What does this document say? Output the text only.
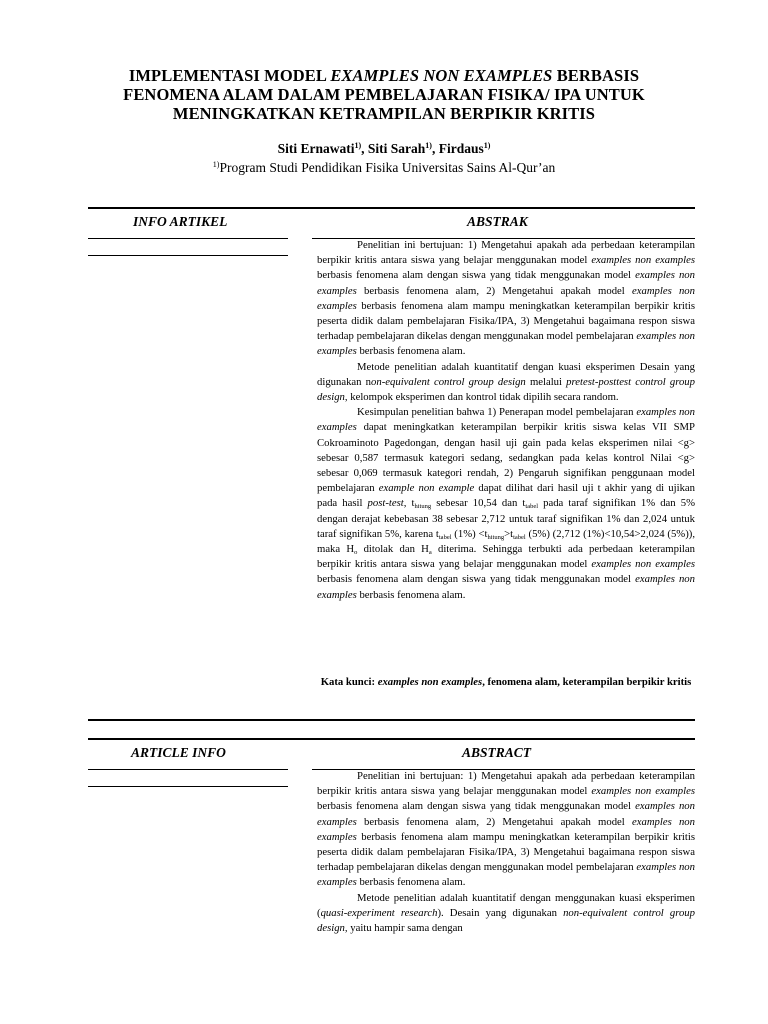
IMPLEMENTASI MODEL EXAMPLES NON EXAMPLES BERBASIS
FENOMENA ALAM DALAM PEMBELAJARAN FISIKA/ IPA UNTUK
MENINGKATKAN KETRAMPILAN BERPIKIR KRITIS
Siti Ernawati$^{1)}$, Siti Sarah$^{1)}$, Firdaus$^{1)}$
$^{1)}$Program Studi Pendidikan Fisika Universitas Sains Al-Qur’an
INFO ARTIKEL	ABSTRAK

Penelitian ini bertujuan: 1) Mengetahui apakah ada perbedaan keterampilan berpikir kritis antara siswa yang belajar menggunakan model examples non examples berbasis fenomena alam dengan siswa yang tidak menggunakan model examples non examples berbasis fenomena alam, 2) Mengetahui apakah model examples non examples berbasis fenomena alam mampu meningkatkan keterampilan berpikir kritis peserta didik dalam pembelajaran Fisika/IPA, 3) Mengetahui bagaimana respon siswa terhadap pembelajaran dikelas dengan menggunakan model pembelajaran examples non examples berbasis fenomena alam.

Metode penelitian adalah kuantitatif dengan kuasi eksperimen Desain yang digunakan non-equivalent control group design melalui pretest-posttest control group design, kelompok eksperimen dan kontrol tidak dipilih secara random.

Kesimpulan penelitian bahwa 1) Penerapan model pembelajaran examples non examples dapat meningkatkan keterampilan berpikir kritis siswa kelas VII SMP Cokroaminoto Pagedongan, dengan hasil uji gain pada kelas eksperimen nilai <g> sebesar 0,587 termasuk kategori sedang, sedangkan pada kelas kontrol Nilai <g> sebesar 0,069 termasuk kategori rendah, 2) Pengaruh signifikan penggunaan model pembelajaran example non example dapat dilihat dari hasil uji t akhir yang di ujikan pada hasil post-test, $t_{hitung}$ sebesar 10,54 dan $t_{tabel}$ pada taraf signifikan 1% dan 5% dengan derajat kebebasan 38 sebesar 2,712 untuk taraf signifikan 1% dan 2,024 untuk taraf signifikan 5%, karena $t_{tabel}$ $(1\%) <t_{hitung}>t_{tabel}$ (5%) (2,712 (1%)<10,54>2,024 (5%)), maka $H_o$ ditolak dan $H_a$ diterima. Sehingga terbukti ada perbedaan keterampilan berpikir kritis antara siswa yang belajar menggunakan model examples non examples berbasis fenomena alam dengan siswa yang tidak menggunakan model examples non examples berbasis fenomena alam.

Kata kunci: examples non examples, fenomena alam, keterampilan berpikir kritis
ARTICLE INFO	ABSTRACT

Penelitian ini bertujuan: 1) Mengetahui apakah ada perbedaan keterampilan berpikir kritis antara siswa yang belajar menggunakan model examples non examples berbasis fenomena alam dengan siswa yang tidak menggunakan model examples non examples berbasis fenomena alam, 2) Mengetahui apakah model examples non examples berbasis fenomena alam mampu meningkatkan keterampilan berpikir kritis peserta didik dalam pembelajaran Fisika/IPA, 3) Mengetahui bagaimana respon siswa terhadap pembelajaran dikelas dengan menggunakan model pembelajaran examples non examples berbasis fenomena alam.

Metode penelitian adalah kuantitatif dengan menggunakan kuasi eksperimen (quasi-experiment research). Desain yang digunakan non-equivalent control group design, yaitu hampir sama dengan
